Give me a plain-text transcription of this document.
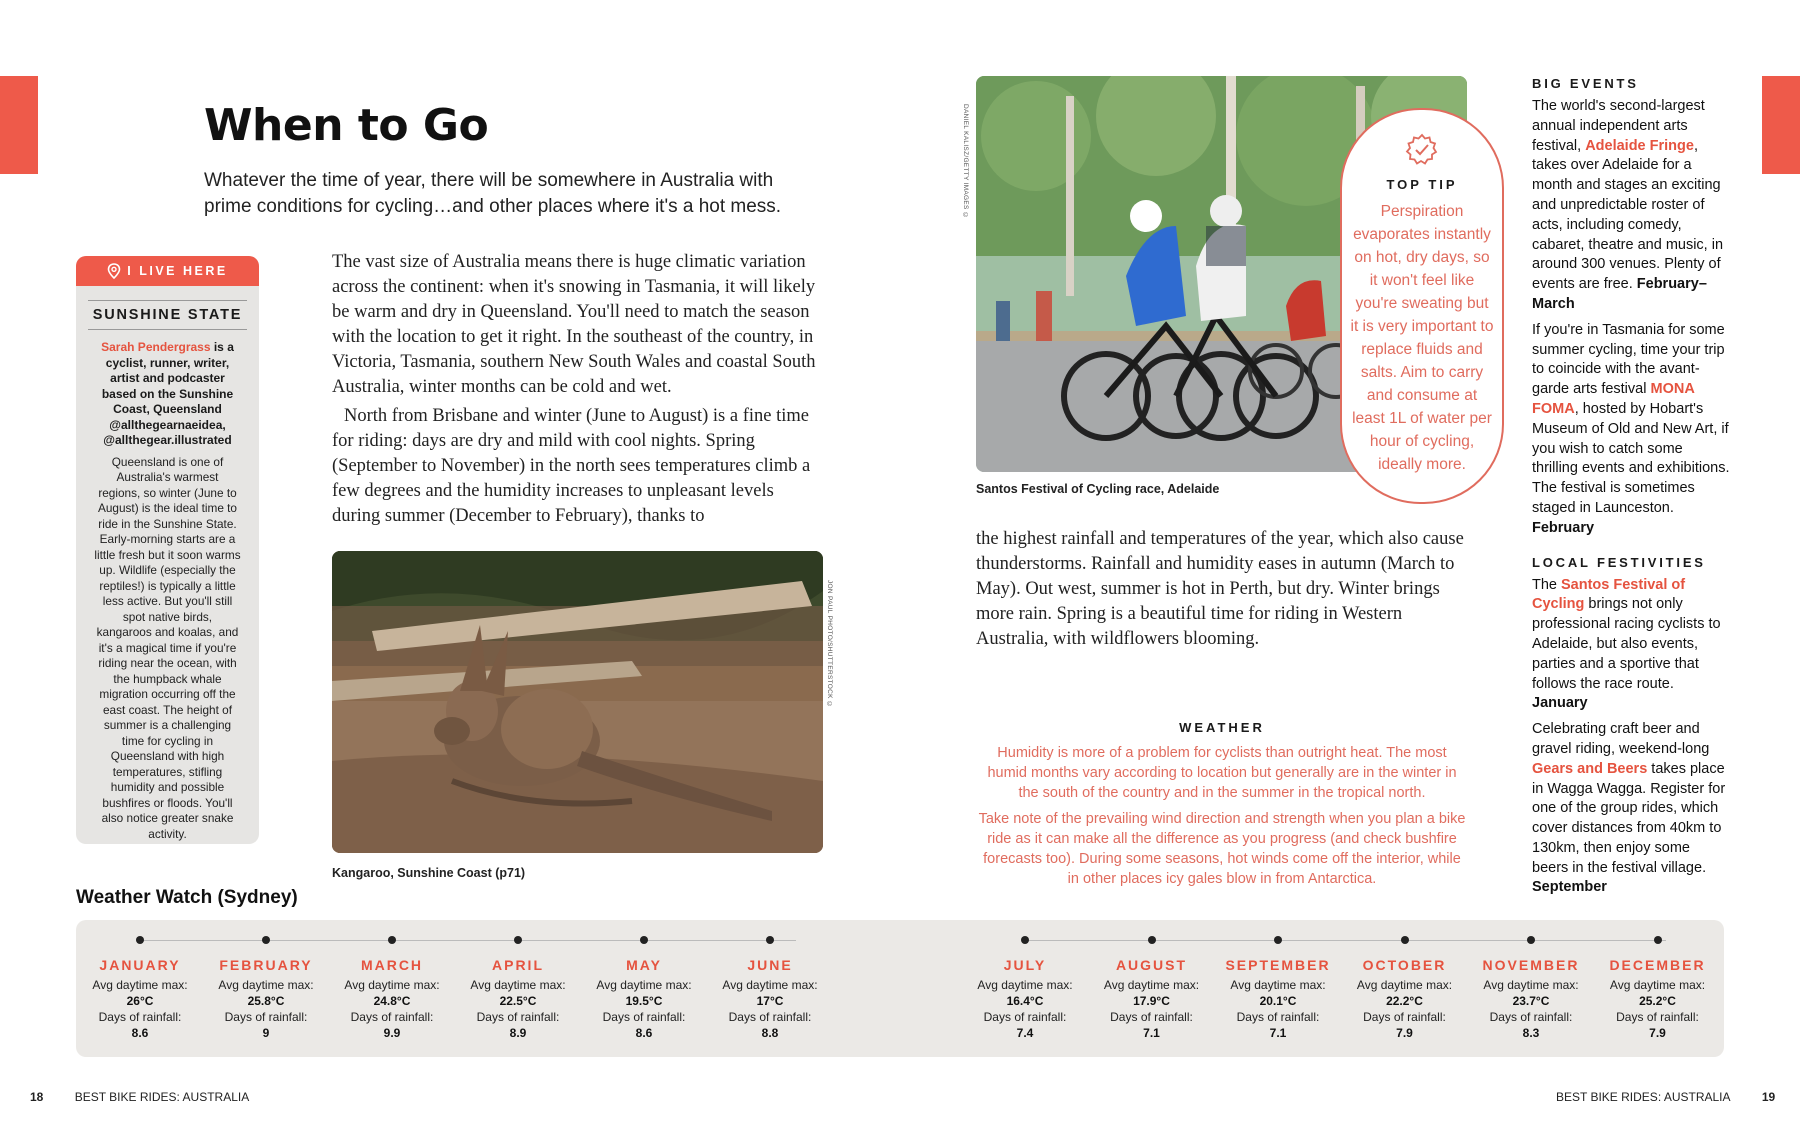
When to Go
Whatever the time of year, there will be somewhere in Australia with prime conditions for cycling…and other places where it's a hot mess.
I LIVE HERE
SUNSHINE STATE
Sarah Pendergrass is a cyclist, runner, writer, artist and podcaster based on the Sunshine Coast, Queensland @allthegearnaeidea, @allthegear.illustrated
Queensland is one of Australia's warmest regions, so winter (June to August) is the ideal time to ride in the Sunshine State. Early-morning starts are a little fresh but it soon warms up. Wildlife (especially the reptiles!) is typically a little less active. But you'll still spot native birds, kangaroos and koalas, and it's a magical time if you're riding near the ocean, with the humpback whale migration occurring off the east coast. The height of summer is a challenging time for cycling in Queensland with high temperatures, stifling humidity and possible bushfires or floods. You'll also notice greater snake activity.

The vast size of Australia means there is huge climatic variation across the continent: when it's snowing in Tasmania, it will likely be warm and dry in Queensland. You'll need to match the season with the location to get it right. In the southeast of the country, in Victoria, Tasmania, southern New South Wales and coastal South Australia, winter months can be cold and wet.

North from Brisbane and winter (June to August) is a fine time for riding: days are dry and mild with cool nights. Spring (September to November) in the north sees temperatures climb a few degrees and the humidity increases to unpleasant levels during summer (December to February), thanks to

JON PAUL PHOTO/SHUTTERSTOCK ©
Kangaroo, Sunshine Coast (p71)
DANIEL KALISZ/GETTY IMAGES ©
Santos Festival of Cycling race, Adelaide
TOP TIP
Perspiration evaporates instantly on hot, dry days, so it won't feel like you're sweating but it is very important to replace fluids and salts. Aim to carry and consume at least 1L of water per hour of cycling, ideally more.

the highest rainfall and temperatures of the year, which also cause thunderstorms. Rainfall and humidity eases in autumn (March to May). Out west, summer is hot in Perth, but dry. Winter brings more rain. Spring is a beautiful time for riding in Western Australia, with wildflowers blooming.

WEATHER

Humidity is more of a problem for cyclists than outright heat. The most humid months vary according to location but generally are in the winter in the south of the country and in the summer in the tropical north.

Take note of the prevailing wind direction and strength when you plan a bike ride as it can make all the difference as you progress (and check bushfire forecasts too). During some seasons, hot winds come off the interior, while in other places icy gales blow in from Antarctica.

BIG EVENTS

The world's second-largest annual independent arts festival, Adelaide Fringe, takes over Adelaide for a month and stages an exciting and unpredictable roster of acts, including comedy, cabaret, theatre and music, in around 300 venues. Plenty of events are free. February–March

If you're in Tasmania for some summer cycling, time your trip to coincide with the avant-garde arts festival MONA FOMA, hosted by Hobart's Museum of Old and New Art, if you wish to catch some thrilling events and exhibitions. The festival is sometimes staged in Launceston. February

LOCAL FESTIVITIES

The Santos Festival of Cycling brings not only professional racing cyclists to Adelaide, but also events, parties and a sportive that follows the race route. January

Celebrating craft beer and gravel riding, weekend-long Gears and Beers takes place in Wagga Wagga. Register for one of the group rides, which cover distances from 40km to 130km, then enjoy some beers in the festival village. September

Weather Watch (Sydney)
JANUARY
Avg daytime max:
26°C
Days of rainfall:
8.6
FEBRUARY
Avg daytime max:
25.8°C
Days of rainfall:
9
MARCH
Avg daytime max:
24.8°C
Days of rainfall:
9.9
APRIL
Avg daytime max:
22.5°C
Days of rainfall:
8.9
MAY
Avg daytime max:
19.5°C
Days of rainfall:
8.6
JUNE
Avg daytime max:
17°C
Days of rainfall:
8.8
JULY
Avg daytime max:
16.4°C
Days of rainfall:
7.4
AUGUST
Avg daytime max:
17.9°C
Days of rainfall:
7.1
SEPTEMBER
Avg daytime max:
20.1°C
Days of rainfall:
7.1
OCTOBER
Avg daytime max:
22.2°C
Days of rainfall:
7.9
NOVEMBER
Avg daytime max:
23.7°C
Days of rainfall:
8.3
DECEMBER
Avg daytime max:
25.2°C
Days of rainfall:
7.9
18	BEST BIKE RIDES: AUSTRALIA	BEST BIKE RIDES: AUSTRALIA	19
